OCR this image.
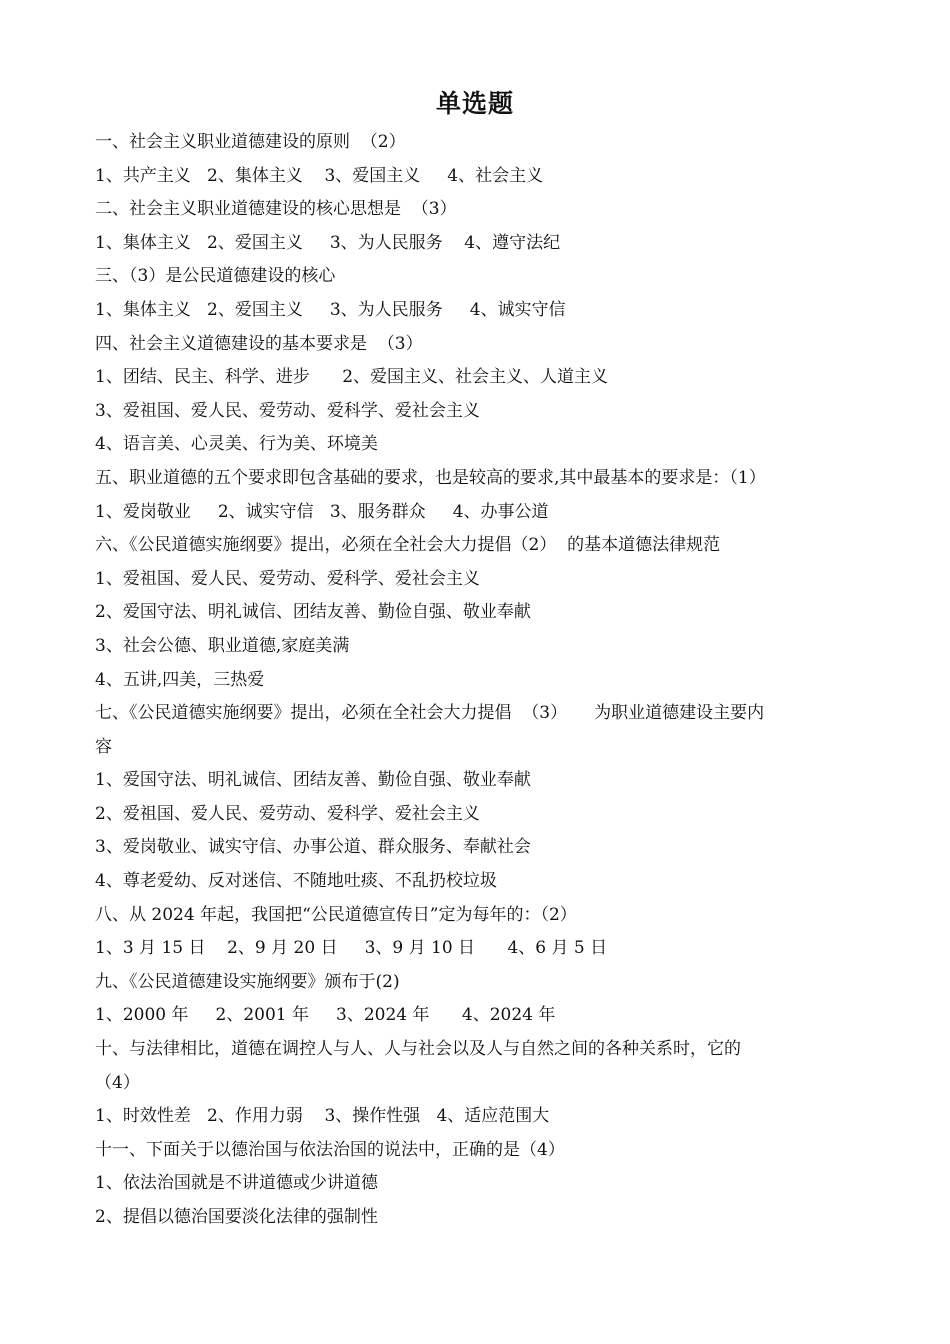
单选题
一、社会主义职业道德建设的原则  （2）
1、共产主义   2、集体主义    3、爱国主义     4、社会主义
二、社会主义职业道德建设的核心思想是  （3）
1、集体主义   2、爱国主义     3、为人民服务    4、遵守法纪
三、（3）是公民道德建设的核心
1、集体主义   2、爱国主义     3、为人民服务     4、诚实守信
四、社会主义道德建设的基本要求是  （3）
1、团结、民主、科学、进步      2、爱国主义、社会主义、人道主义
3、爱祖国、爱人民、爱劳动、爱科学、爱社会主义
4、语言美、心灵美、行为美、环境美
五、职业道德的五个要求即包含基础的要求，也是较高的要求,其中最基本的要求是：（1）
1、爱岗敬业     2、诚实守信   3、服务群众     4、办事公道
六、《公民道德实施纲要》提出，必须在全社会大力提倡（2）  的基本道德法律规范
1、爱祖国、爱人民、爱劳动、爱科学、爱社会主义
2、爱国守法、明礼诚信、团结友善、勤俭自强、敬业奉献
3、社会公德、职业道德,家庭美满
4、五讲,四美，三热爱
七、《公民道德实施纲要》提出，必须在全社会大力提倡  （3）     为职业道德建设主要内
容
1、爱国守法、明礼诚信、团结友善、勤俭自强、敬业奉献
2、爱祖国、爱人民、爱劳动、爱科学、爱社会主义
3、爱岗敬业、诚实守信、办事公道、群众服务、奉献社会
4、尊老爱幼、反对迷信、不随地吐痰、不乱扔校垃圾
八、从 2024 年起，我国把“公民道德宣传日”定为每年的：（2）
1、3 月 15 日    2、9 月 20 日     3、9 月 10 日      4、6 月 5 日
九、《公民道德建设实施纲要》颁布于(2)
1、2000 年     2、2001 年     3、2024 年      4、2024 年
十、与法律相比，道德在调控人与人、人与社会以及人与自然之间的各种关系时，它的
（4）
1、时效性差   2、作用力弱    3、操作性强   4、适应范围大
十一、下面关于以德治国与依法治国的说法中，正确的是（4）
1、依法治国就是不讲道德或少讲道德
2、提倡以德治国要淡化法律的强制性
